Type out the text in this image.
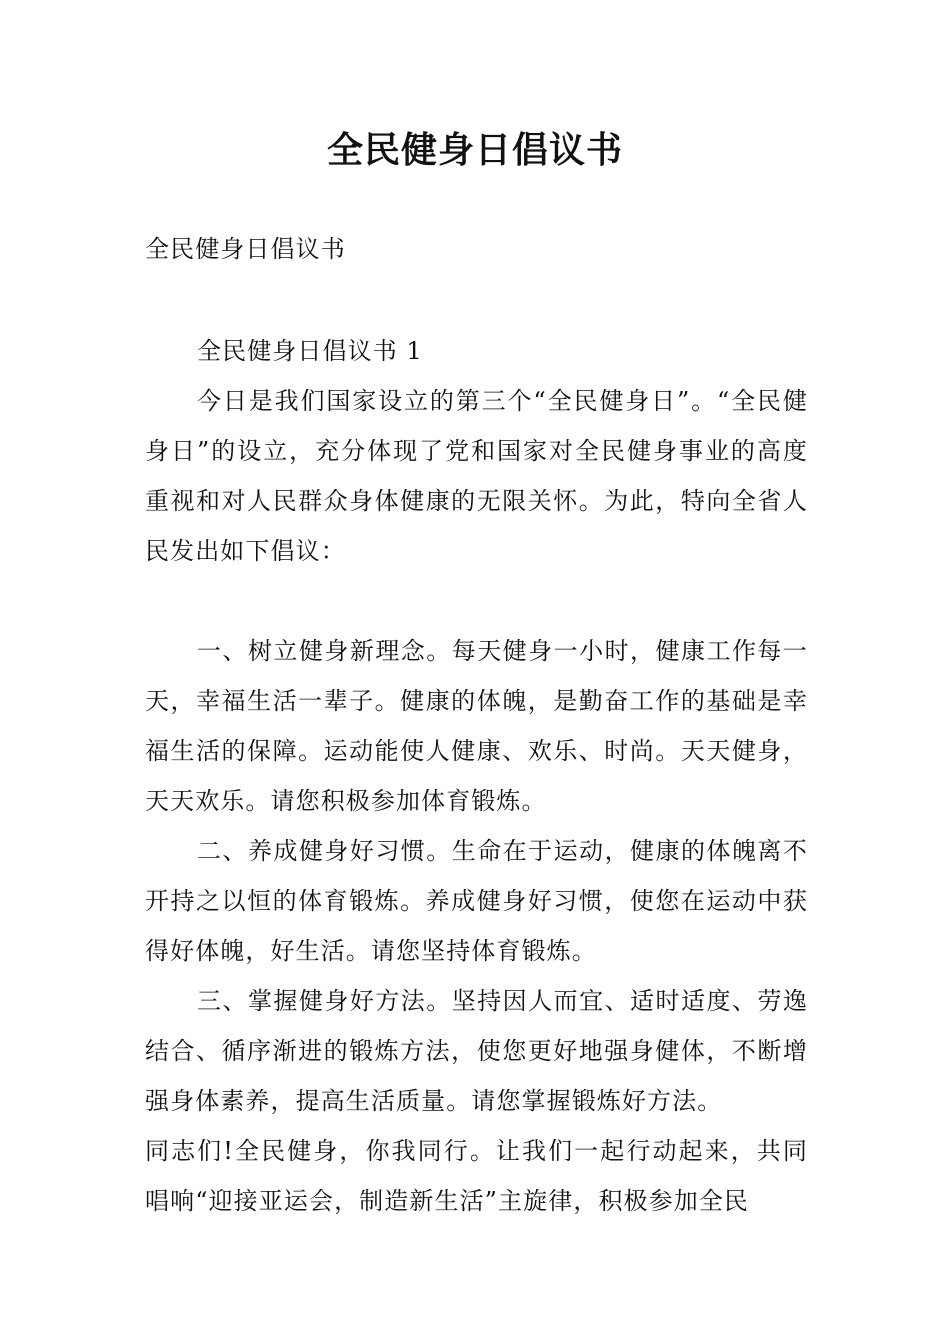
全民健身日倡议书

全民健身日倡议书

全民健身日倡议书 1

今日是我们国家设立的第三个“全民健身日”。“全民健身日”的设立，充分体现了党和国家对全民健身事业的高度重视和对人民群众身体健康的无限关怀。为此，特向全省人民发出如下倡议：

一、树立健身新理念。每天健身一小时，健康工作每一天，幸福生活一辈子。健康的体魄，是勤奋工作的基础是幸福生活的保障。运动能使人健康、欢乐、时尚。天天健身，天天欢乐。请您积极参加体育锻炼。

二、养成健身好习惯。生命在于运动，健康的体魄离不开持之以恒的体育锻炼。养成健身好习惯，使您在运动中获得好体魄，好生活。请您坚持体育锻炼。

三、掌握健身好方法。坚持因人而宜、适时适度、劳逸结合、循序渐进的锻炼方法，使您更好地强身健体，不断增强身体素养，提高生活质量。请您掌握锻炼好方法。

同志们!全民健身，你我同行。让我们一起行动起来，共同唱响“迎接亚运会，制造新生活”主旋律，积极参加全民
